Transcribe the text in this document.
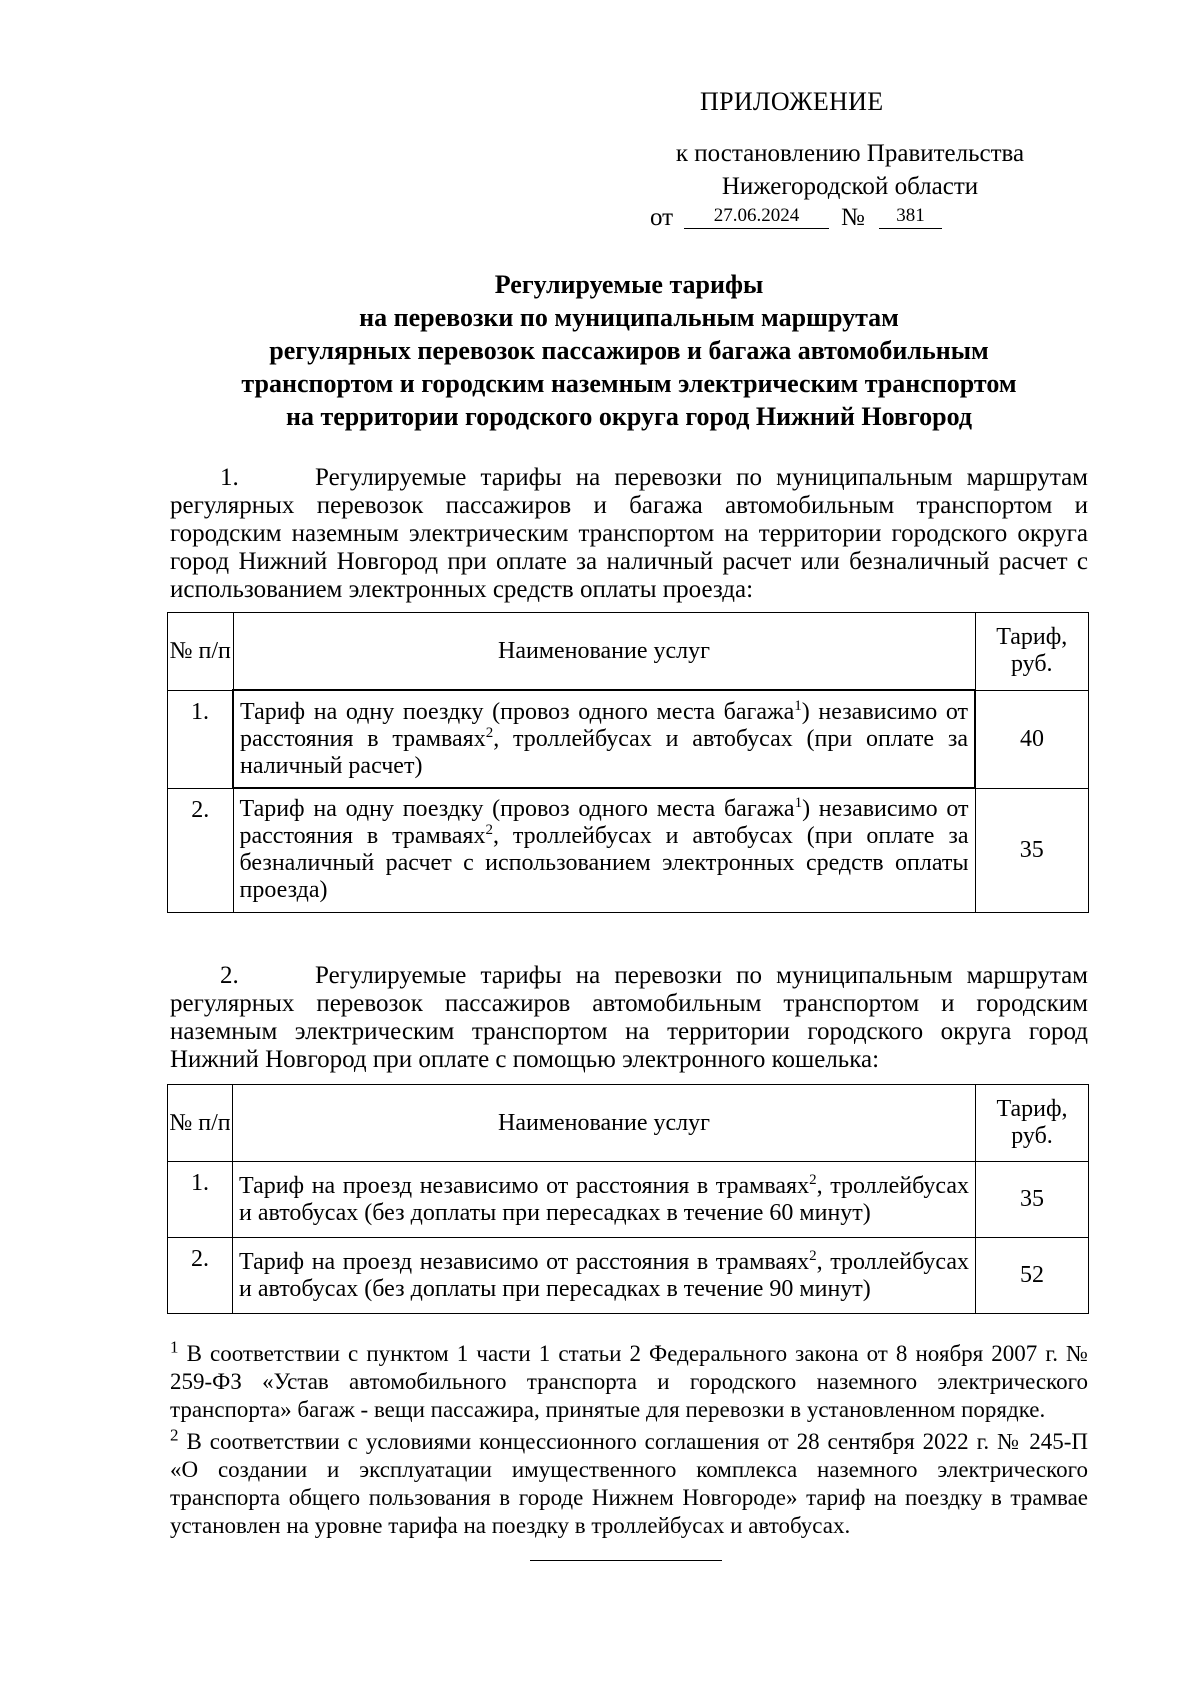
ПРИЛОЖЕНИЕ
к постановлению Правительства
Нижегородской области
от	27.06.2024	№	381
Регулируемые тарифы
на перевозки по муниципальным маршрутам
регулярных перевозок пассажиров и багажа автомобильным
транспортом и городским наземным электрическим транспортом
на территории городского округа город Нижний Новгород
1.	Регулируемые тарифы на перевозки по муниципальным маршрутам регулярных перевозок пассажиров и багажа автомобильным транспортом и городским наземным электрическим транспортом на территории городского округа город Нижний Новгород при оплате за наличный расчет или безналичный расчет с использованием электронных средств оплаты проезда:
№ п/п	Наименование услуг	Тариф, руб.
1.	Тариф на одну поездку (провоз одного места багажа$^1$) независимо от расстояния в трамваях$^2$, троллейбусах и автобусах (при оплате за наличный расчет)	40
2.	Тариф на одну поездку (провоз одного места багажа$^1$) независимо от расстояния в трамваях$^2$, троллейбусах и автобусах (при оплате за безналичный расчет с использованием электронных средств оплаты проезда)	35
2.	Регулируемые тарифы на перевозки по муниципальным маршрутам регулярных перевозок пассажиров автомобильным транспортом и городским наземным электрическим транспортом на территории городского округа город Нижний Новгород при оплате с помощью электронного кошелька:
№ п/п	Наименование услуг	Тариф, руб.
1.	Тариф на проезд независимо от расстояния в трамваях$^2$, троллейбусах и автобусах (без доплаты при пересадках в течение 60 минут)	35
2.	Тариф на проезд независимо от расстояния в трамваях$^2$, троллейбусах и автобусах (без доплаты при пересадках в течение 90 минут)	52
$^1$ В соответствии с пунктом 1 части 1 статьи 2 Федерального закона от 8 ноября 2007 г. № 259-ФЗ «Устав автомобильного транспорта и городского наземного электрического транспорта» багаж - вещи пассажира, принятые для перевозки в установленном порядке.
$^2$ В соответствии с условиями концессионного соглашения от 28 сентября 2022 г. № 245-П «О создании и эксплуатации имущественного комплекса наземного электрического транспорта общего пользования в городе Нижнем Новгороде» тариф на поездку в трамвае установлен на уровне тарифа на поездку в троллейбусах и автобусах.
